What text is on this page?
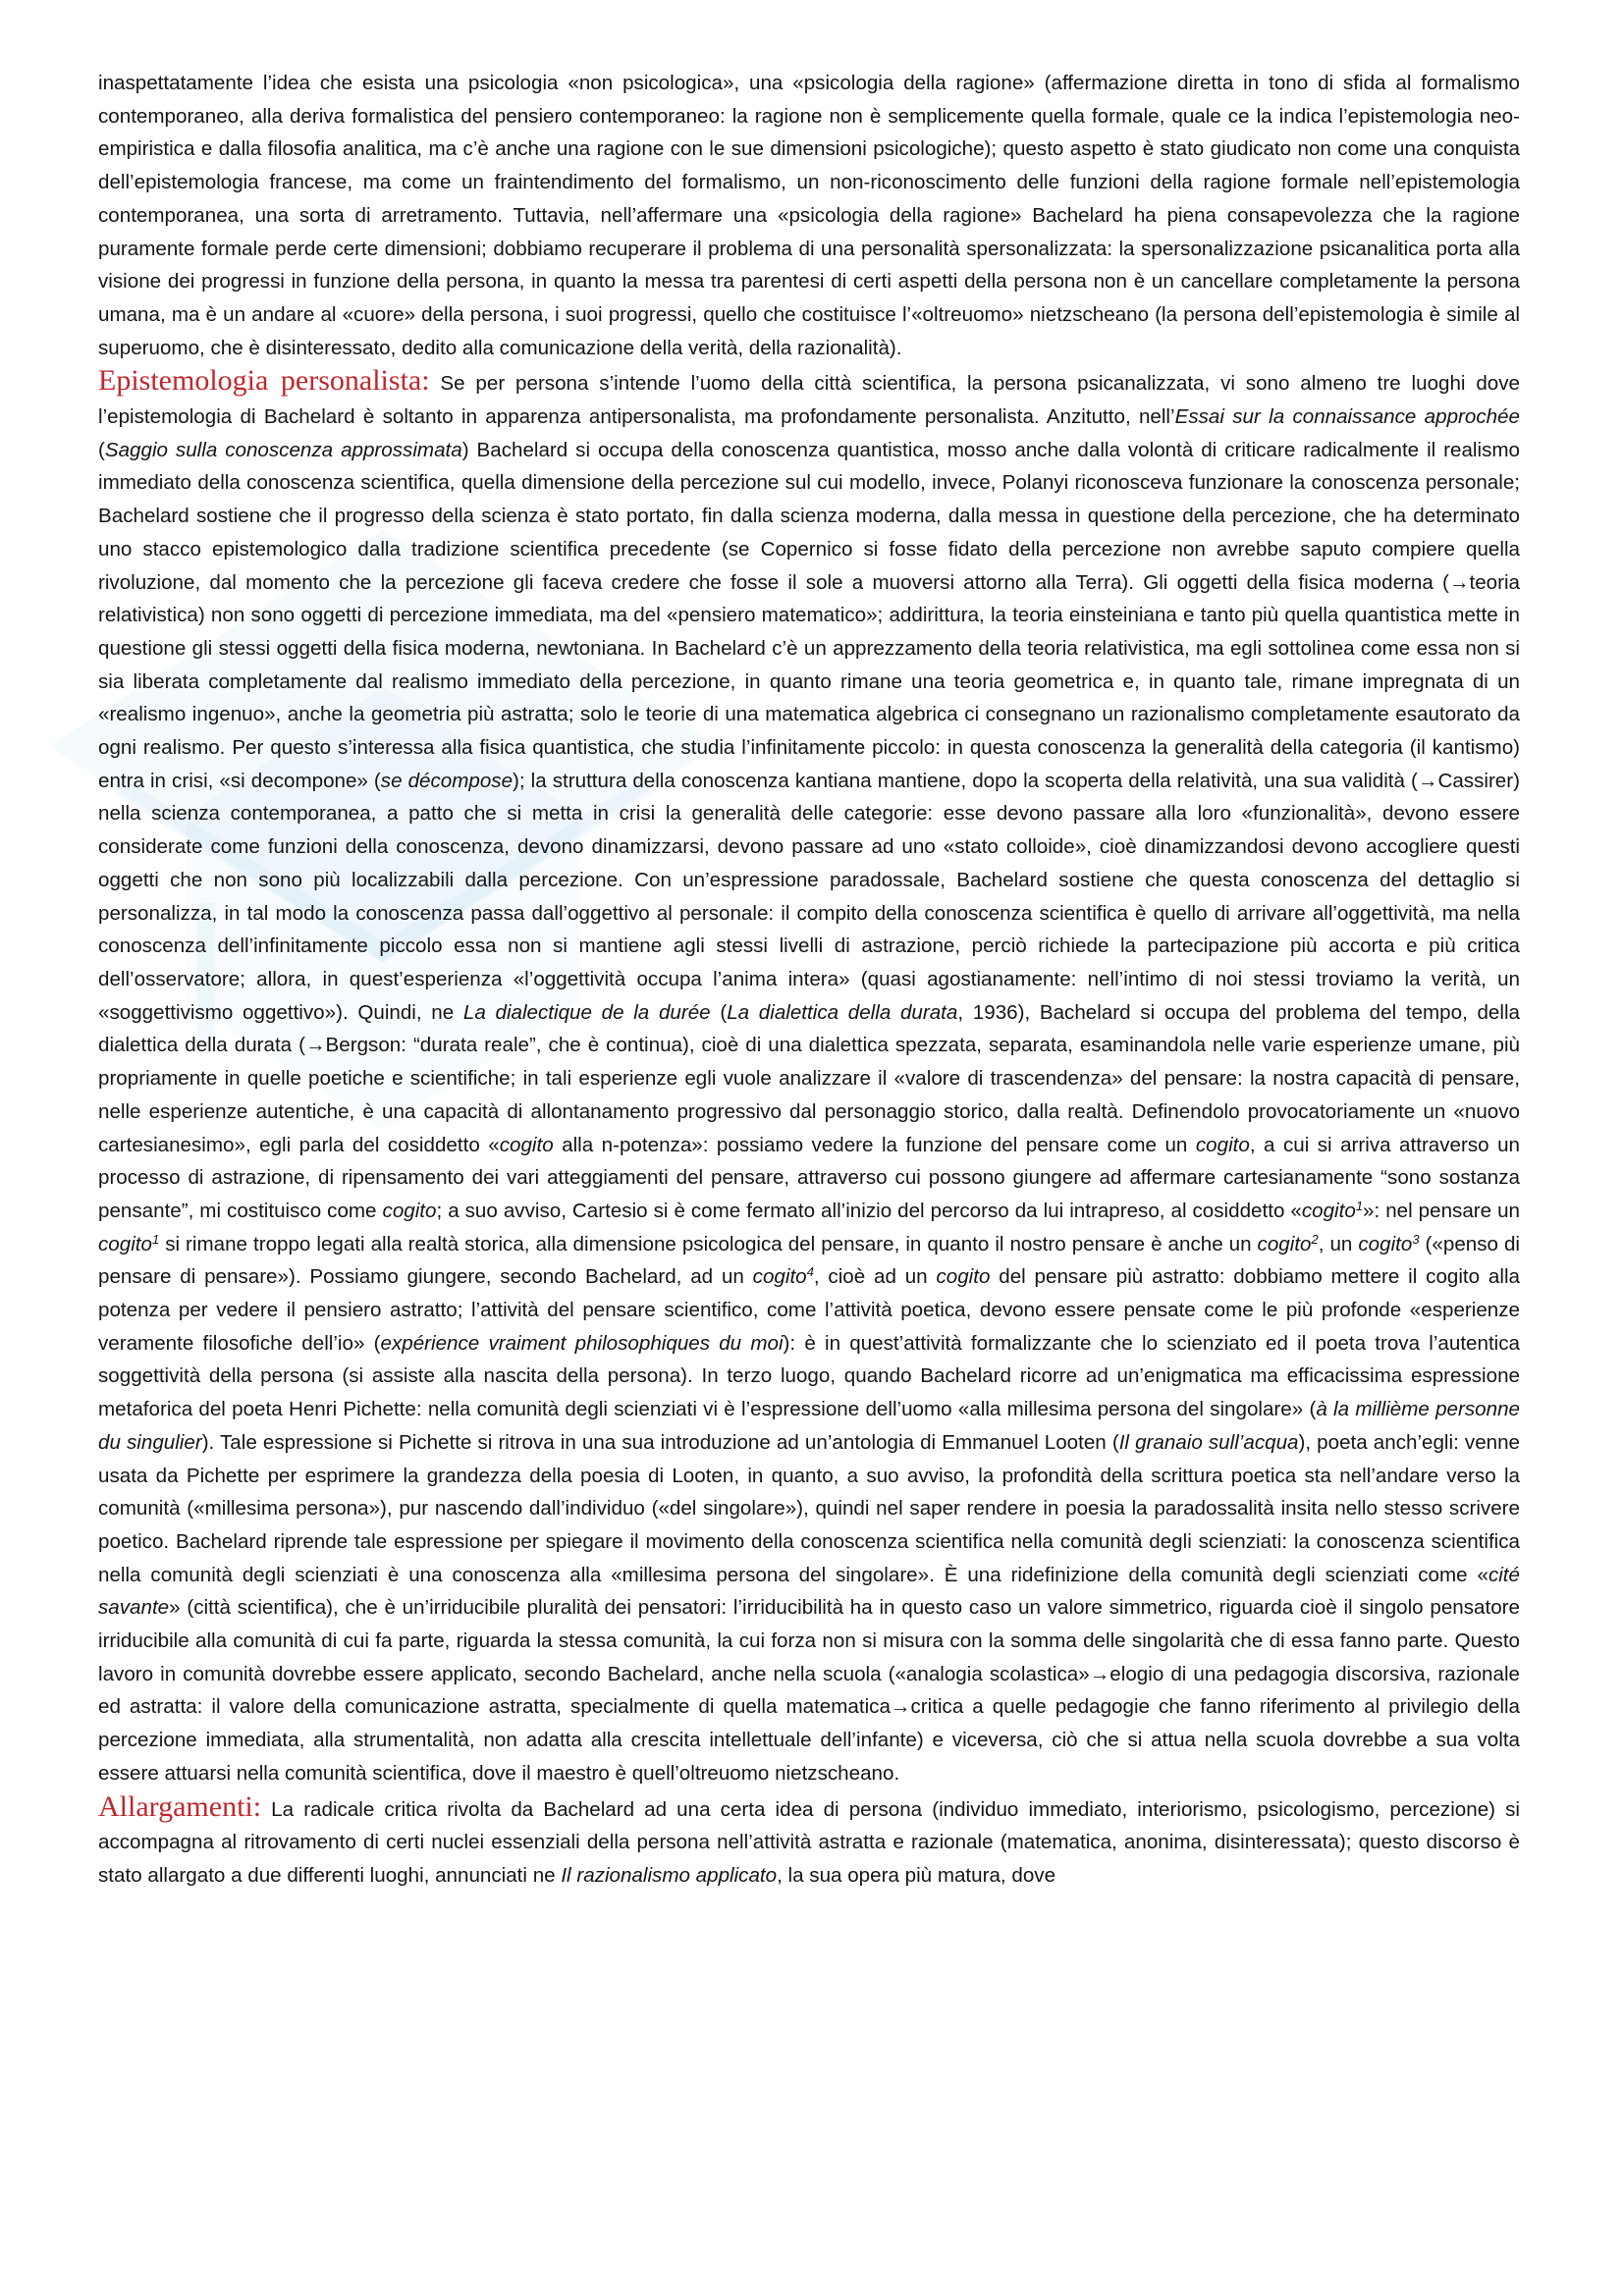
inaspettatamente l’idea che esista una psicologia «non psicologica», una «psicologia della ragione» (affermazione diretta in tono di sfida al formalismo contemporaneo, alla deriva formalistica del pensiero contemporaneo: la ragione non è semplicemente quella formale, quale ce la indica l’epistemologia neo-empiristica e dalla filosofia analitica, ma c’è anche una ragione con le sue dimensioni psicologiche); questo aspetto è stato giudicato non come una conquista dell’epistemologia francese, ma come un fraintendimento del formalismo, un non-riconoscimento delle funzioni della ragione formale nell’epistemologia contemporanea, una sorta di arretramento. Tuttavia, nell’affermare una «psicologia della ragione» Bachelard ha piena consapevolezza che la ragione puramente formale perde certe dimensioni; dobbiamo recuperare il problema di una personalità spersonalizzata: la spersonalizzazione psicanalitica porta alla visione dei progressi in funzione della persona, in quanto la messa tra parentesi di certi aspetti della persona non è un cancellare completamente la persona umana, ma è un andare al «cuore» della persona, i suoi progressi, quello che costituisce l’«oltreuomo» nietzscheano (la persona dell’epistemologia è simile al superuomo, che è disinteressato, dedito alla comunicazione della verità, della razionalità).

Epistemologia personalista: Se per persona s’intende l’uomo della città scientifica, la persona psicanalizzata, vi sono almeno tre luoghi dove l’epistemologia di Bachelard è soltanto in apparenza antipersonalista, ma profondamente personalista. Anzitutto, nell’Essai sur la connaissance approchée (Saggio sulla conoscenza approssimata) Bachelard si occupa della conoscenza quantistica, mosso anche dalla volontà di criticare radicalmente il realismo immediato della conoscenza scientifica, quella dimensione della percezione sul cui modello, invece, Polanyi riconosceva funzionare la conoscenza personale; Bachelard sostiene che il progresso della scienza è stato portato, fin dalla scienza moderna, dalla messa in questione della percezione, che ha determinato uno stacco epistemologico dalla tradizione scientifica precedente (se Copernico si fosse fidato della percezione non avrebbe saputo compiere quella rivoluzione, dal momento che la percezione gli faceva credere che fosse il sole a muoversi attorno alla Terra). Gli oggetti della fisica moderna (→teoria relativistica) non sono oggetti di percezione immediata, ma del «pensiero matematico»; addirittura, la teoria einsteiniana e tanto più quella quantistica mette in questione gli stessi oggetti della fisica moderna, newtoniana. In Bachelard c’è un apprezzamento della teoria relativistica, ma egli sottolinea come essa non si sia liberata completamente dal realismo immediato della percezione, in quanto rimane una teoria geometrica e, in quanto tale, rimane impregnata di un «realismo ingenuo», anche la geometria più astratta; solo le teorie di una matematica algebrica ci consegnano un razionalismo completamente esautorato da ogni realismo. Per questo s’interessa alla fisica quantistica, che studia l’infinitamente piccolo: in questa conoscenza la generalità della categoria (il kantismo) entra in crisi, «si decompone» (se décompose); la struttura della conoscenza kantiana mantiene, dopo la scoperta della relatività, una sua validità (→Cassirer) nella scienza contemporanea, a patto che si metta in crisi la generalità delle categorie: esse devono passare alla loro «funzionalità», devono essere considerate come funzioni della conoscenza, devono dinamizzarsi, devono passare ad uno «stato colloide», cioè dinamizzandosi devono accogliere questi oggetti che non sono più localizzabili dalla percezione. Con un’espressione paradossale, Bachelard sostiene che questa conoscenza del dettaglio si personalizza, in tal modo la conoscenza passa dall’oggettivo al personale: il compito della conoscenza scientifica è quello di arrivare all’oggettività, ma nella conoscenza dell’infinitamente piccolo essa non si mantiene agli stessi livelli di astrazione, perciò richiede la partecipazione più accorta e più critica dell’osservatore; allora, in quest’esperienza «l’oggettività occupa l’anima intera» (quasi agostianamente: nell’intimo di noi stessi troviamo la verità, un «soggettivismo oggettivo»). Quindi, ne La dialectique de la durée (La dialettica della durata, 1936), Bachelard si occupa del problema del tempo, della dialettica della durata (→Bergson: “durata reale”, che è continua), cioè di una dialettica spezzata, separata, esaminandola nelle varie esperienze umane, più propriamente in quelle poetiche e scientifiche; in tali esperienze egli vuole analizzare il «valore di trascendenza» del pensare: la nostra capacità di pensare, nelle esperienze autentiche, è una capacità di allontanamento progressivo dal personaggio storico, dalla realtà. Definendolo provocatoriamente un «nuovo cartesianesimo», egli parla del cosiddetto «cogito alla n-potenza»: possiamo vedere la funzione del pensare come un cogito, a cui si arriva attraverso un processo di astrazione, di ripensamento dei vari atteggiamenti del pensare, attraverso cui possono giungere ad affermare cartesianamente “sono sostanza pensante”, mi costituisco come cogito; a suo avviso, Cartesio si è come fermato all’inizio del percorso da lui intrapreso, al cosiddetto «cogito$^1$»: nel pensare un cogito$^1$ si rimane troppo legati alla realtà storica, alla dimensione psicologica del pensare, in quanto il nostro pensare è anche un cogito$^2$, un cogito$^3$ («penso di pensare di pensare»). Possiamo giungere, secondo Bachelard, ad un cogito$^4$, cioè ad un cogito del pensare più astratto: dobbiamo mettere il cogito alla potenza per vedere il pensiero astratto; l’attività del pensare scientifico, come l’attività poetica, devono essere pensate come le più profonde «esperienze veramente filosofiche dell’io» (expérience vraiment philosophiques du moi): è in quest’attività formalizzante che lo scienziato ed il poeta trova l’autentica soggettività della persona (si assiste alla nascita della persona). In terzo luogo, quando Bachelard ricorre ad un’enigmatica ma efficacissima espressione metaforica del poeta Henri Pichette: nella comunità degli scienziati vi è l’espressione dell’uomo «alla millesima persona del singolare» (à la millième personne du singulier). Tale espressione si Pichette si ritrova in una sua introduzione ad un’antologia di Emmanuel Looten (Il granaio sull’acqua), poeta anch’egli: venne usata da Pichette per esprimere la grandezza della poesia di Looten, in quanto, a suo avviso, la profondità della scrittura poetica sta nell’andare verso la comunità («millesima persona»), pur nascendo dall’individuo («del singolare»), quindi nel saper rendere in poesia la paradossalità insita nello stesso scrivere poetico. Bachelard riprende tale espressione per spiegare il movimento della conoscenza scientifica nella comunità degli scienziati: la conoscenza scientifica nella comunità degli scienziati è una conoscenza alla «millesima persona del singolare». È una ridefinizione della comunità degli scienziati come «cité savante» (città scientifica), che è un’irriducibile pluralità dei pensatori: l’irriducibilità ha in questo caso un valore simmetrico, riguarda cioè il singolo pensatore irriducibile alla comunità di cui fa parte, riguarda la stessa comunità, la cui forza non si misura con la somma delle singolarità che di essa fanno parte. Questo lavoro in comunità dovrebbe essere applicato, secondo Bachelard, anche nella scuola («analogia scolastica»→elogio di una pedagogia discorsiva, razionale ed astratta: il valore della comunicazione astratta, specialmente di quella matematica→critica a quelle pedagogie che fanno riferimento al privilegio della percezione immediata, alla strumentalità, non adatta alla crescita intellettuale dell’infante) e viceversa, ciò che si attua nella scuola dovrebbe a sua volta essere attuarsi nella comunità scientifica, dove il maestro è quell’oltreuomo nietzscheano.

Allargamenti: La radicale critica rivolta da Bachelard ad una certa idea di persona (individuo immediato, interiorismo, psicologismo, percezione) si accompagna al ritrovamento di certi nuclei essenziali della persona nell’attività astratta e razionale (matematica, anonima, disinteressata); questo discorso è stato allargato a due differenti luoghi, annunciati ne Il razionalismo applicato, la sua opera più matura, dove
